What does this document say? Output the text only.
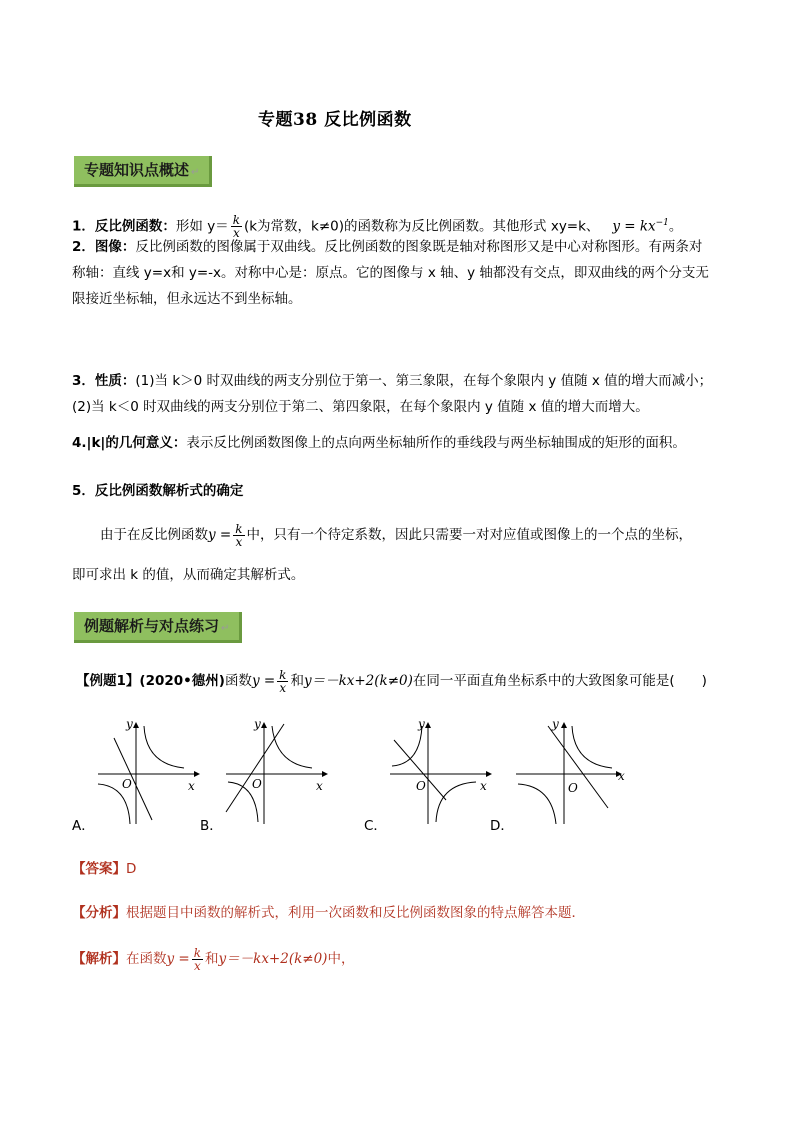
专题38 反比例函数
专题知识点概述 ↵
1．反比例函数：形如 $y= \frac{k}{x} (k$为常数，k≠0)的函数称为反比例函数。其他形式 xy=k、 $y = kx^{-1}$。
2．图像：反比例函数的图像属于双曲线。反比例函数的图象既是轴对称图形又是中心对称图形。有两条对
称轴：直线 y=x和 y=-x。对称中心是：原点。它的图像与 x 轴、y 轴都没有交点，即双曲线的两个分支无
限接近坐标轴，但永远达不到坐标轴。
3．性质：(1)当 k＞0 时双曲线的两支分别位于第一、第三象限，在每个象限内 y 值随 x 值的增大而减小；
(2)当 k＜0 时双曲线的两支分别位于第二、第四象限，在每个象限内 y 值随 x 值的增大而增大。
4.|k|的几何意义：表示反比例函数图像上的点向两坐标轴所作的垂线段与两坐标轴围成的矩形的面积。
5．反比例函数解析式的确定
由于在反比例函数$y = \frac{k}{x}$ 中，只有一个待定系数，因此只需要一对对应值或图像上的一个点的坐标，
即可求出 k 的值，从而确定其解析式。
例题解析与对点练习 ↵
【例题1】(2020•德州)函数$y = \frac{k}{x}$ 和y＝－kx+2(k≠0)在同一平面直角坐标系中的大致图象可能是(　　)
y
x
O
y
x
O
y
x
O
y
x
O
A．	B．	C．	D．
【答案】D
【分析】根据题目中函数的解析式，利用一次函数和反比例函数图象的特点解答本题．
【解析】在函数$y = \frac{k}{x}$ 和y＝－kx+2(k≠0)中，
